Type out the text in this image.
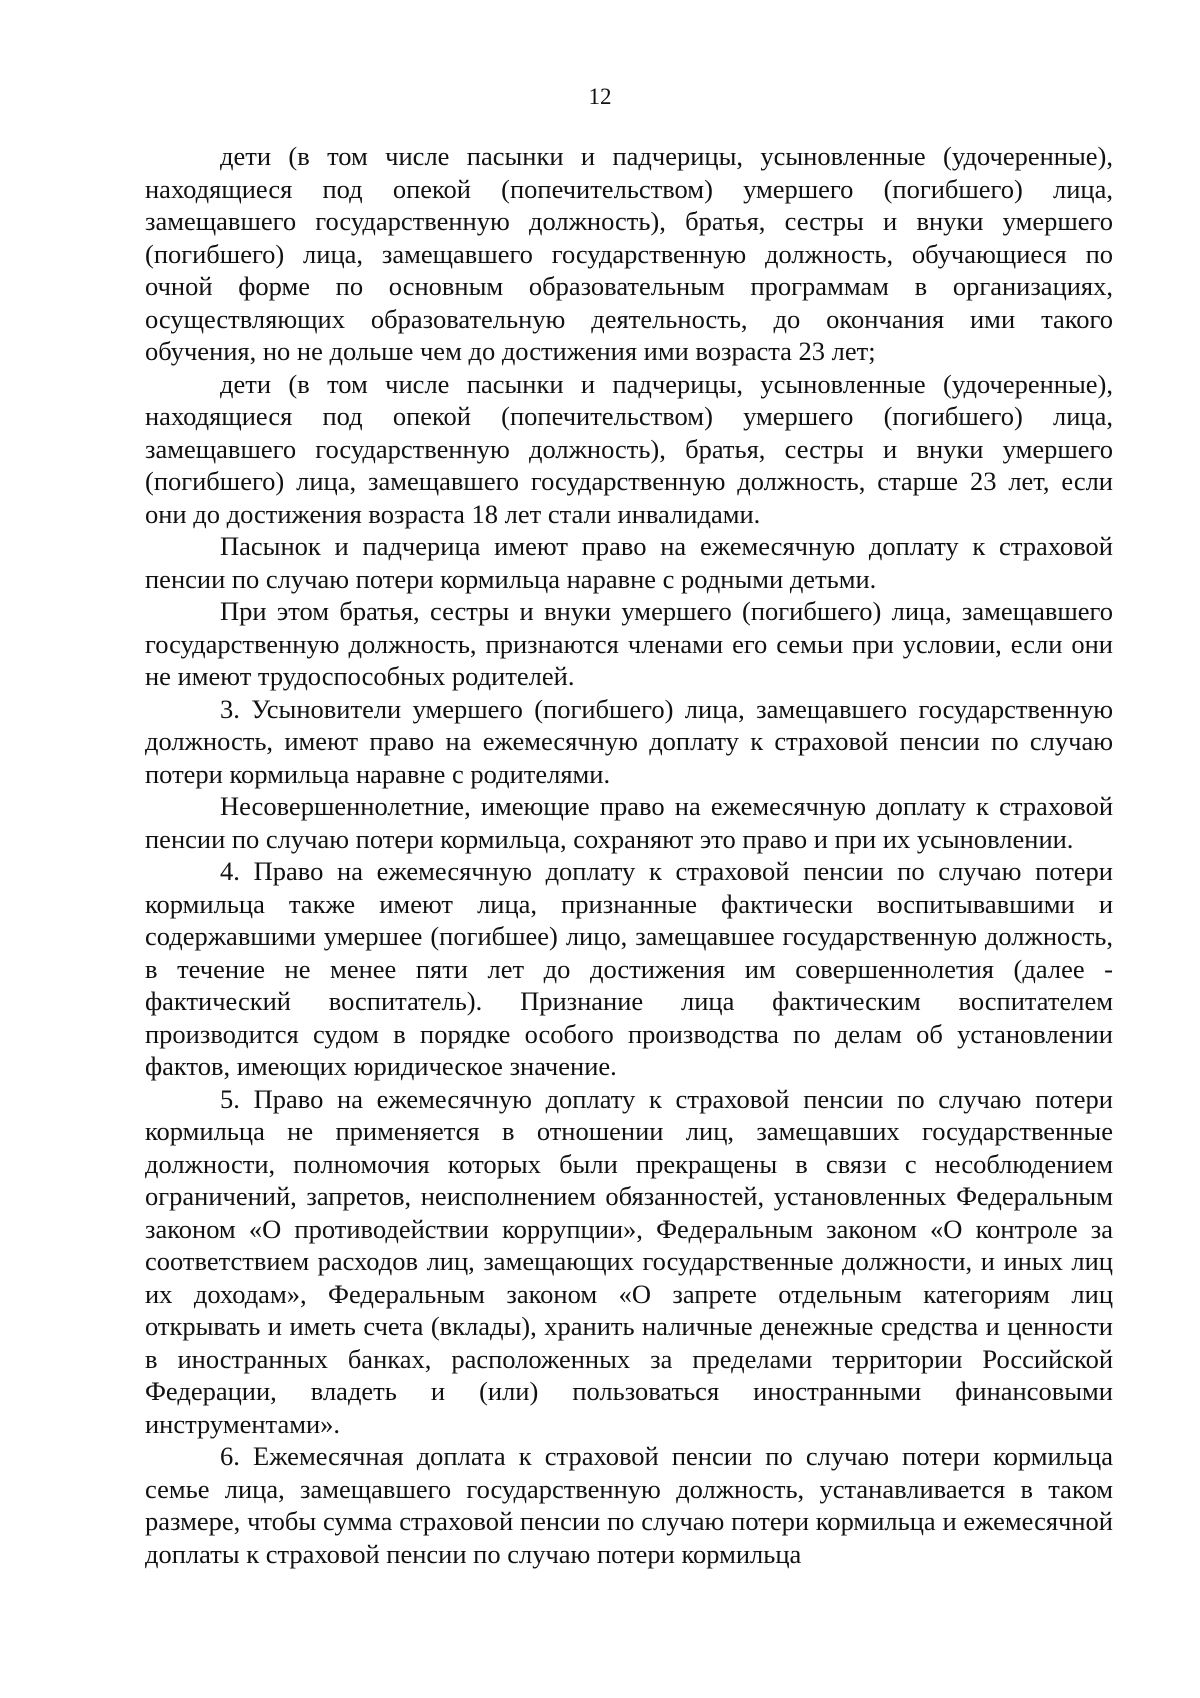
12

дети (в том числе пасынки и падчерицы, усыновленные (удочеренные), находящиеся под опекой (попечительством) умершего (погибшего) лица, замещавшего государственную должность), братья, сестры и внуки умершего (погибшего) лица, замещавшего государственную должность, обучающиеся по очной форме по основным образовательным программам в организациях, осуществляющих образовательную деятельность, до окончания ими такого обучения, но не дольше чем до достижения ими возраста 23 лет;

дети (в том числе пасынки и падчерицы, усыновленные (удочеренные), находящиеся под опекой (попечительством) умершего (погибшего) лица, замещавшего государственную должность), братья, сестры и внуки умершего (погибшего) лица, замещавшего государственную должность, старше 23 лет, если они до достижения возраста 18 лет стали инвалидами.

Пасынок и падчерица имеют право на ежемесячную доплату к страховой пенсии по случаю потери кормильца наравне с родными детьми.

При этом братья, сестры и внуки умершего (погибшего) лица, замещавшего государственную должность, признаются членами его семьи при условии, если они не имеют трудоспособных родителей.

3. Усыновители умершего (погибшего) лица, замещавшего государственную должность, имеют право на ежемесячную доплату к страховой пенсии по случаю потери кормильца наравне с родителями.

Несовершеннолетние, имеющие право на ежемесячную доплату к страховой пенсии по случаю потери кормильца, сохраняют это право и при их усыновлении.

4. Право на ежемесячную доплату к страховой пенсии по случаю потери кормильца также имеют лица, признанные фактически воспитывавшими и содержавшими умершее (погибшее) лицо, замещавшее государственную должность, в течение не менее пяти лет до достижения им совершеннолетия (далее - фактический воспитатель). Признание лица фактическим воспитателем производится судом в порядке особого производства по делам об установлении фактов, имеющих юридическое значение.

5. Право на ежемесячную доплату к страховой пенсии по случаю потери кормильца не применяется в отношении лиц, замещавших государственные должности, полномочия которых были прекращены в связи с несоблюдением ограничений, запретов, неисполнением обязанностей, установленных Федеральным законом «О противодействии коррупции», Федеральным законом «О контроле за соответствием расходов лиц, замещающих государственные должности, и иных лиц их доходам», Федеральным законом «О запрете отдельным категориям лиц открывать и иметь счета (вклады), хранить наличные денежные средства и ценности в иностранных банках, расположенных за пределами территории Российской Федерации, владеть и (или) пользоваться иностранными финансовыми инструментами».

6. Ежемесячная доплата к страховой пенсии по случаю потери кормильца семье лица, замещавшего государственную должность, устанавливается в таком размере, чтобы сумма страховой пенсии по случаю потери кормильца и ежемесячной доплаты к страховой пенсии по случаю потери кормильца
